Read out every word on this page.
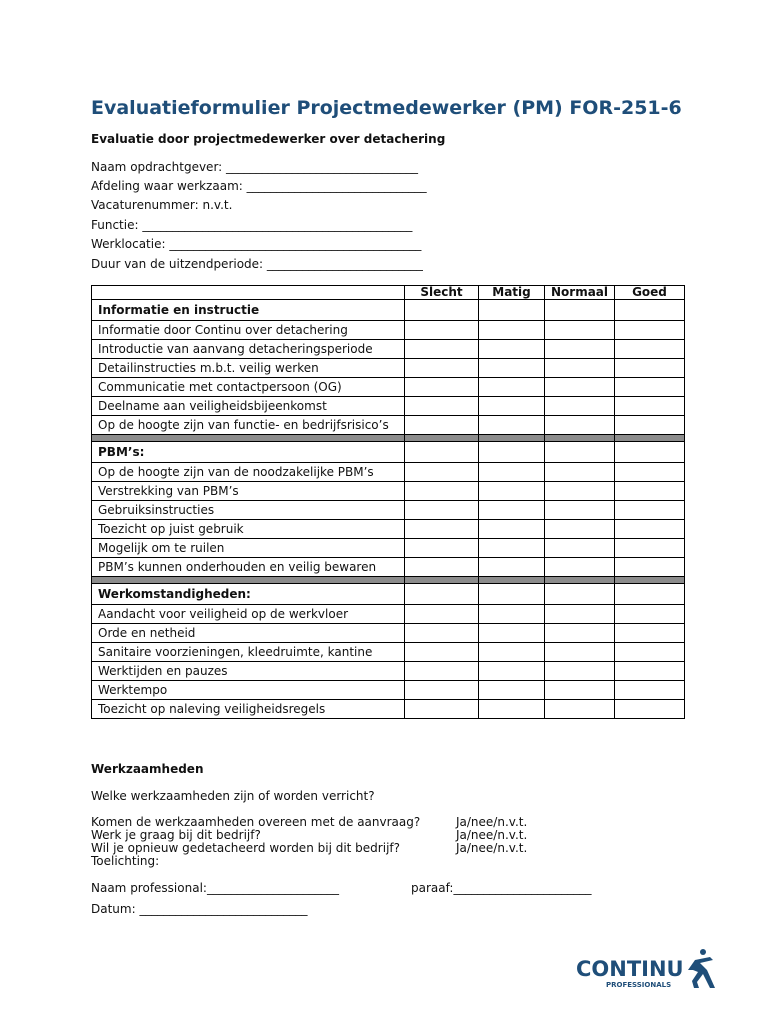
Evaluatieformulier Projectmedewerker (PM) FOR-251-6

Evaluatie door projectmedewerker over detachering

Naam opdrachtgever: ________________________________
Afdeling waar werkzaam: ______________________________
Vacaturenummer: n.v.t.
Functie: _____________________________________________
Werklocatie: __________________________________________
Duur van de uitzendperiode: __________________________
	Slecht	Matig	Normaal	Goed
Informatie en instructie				
Informatie door Continu over detachering				
Introductie van aanvang detacheringsperiode				
Detailinstructies m.b.t. veilig werken				
Communicatie met contactpersoon (OG)				
Deelname aan veiligheidsbijeenkomst				
Op de hoogte zijn van functie- en bedrijfsrisico’s				

PBM’s:				
Op de hoogte zijn van de noodzakelijke PBM’s				
Verstrekking van PBM’s				
Gebruiksinstructies				
Toezicht op juist gebruik				
Mogelijk om te ruilen				
PBM’s kunnen onderhouden en veilig bewaren				

Werkomstandigheden:				
Aandacht voor veiligheid op de werkvloer				
Orde en netheid				
Sanitaire voorzieningen, kleedruimte, kantine				
Werktijden en pauzes				
Werktempo				
Toezicht op naleving veiligheidsregels				

Werkzaamheden

Welke werkzaamheden zijn of worden verricht?
Komen de werkzaamheden overeen met de aanvraag?	Ja/nee/n.v.t.
Werk je graag bij dit bedrijf?	Ja/nee/n.v.t.
Wil je opnieuw gedetacheerd worden bij dit bedrijf?	Ja/nee/n.v.t.
Toelichting:
Naam professional:______________________	paraaf:_______________________
Datum: ____________________________
CONTINU
PROFESSIONALS
